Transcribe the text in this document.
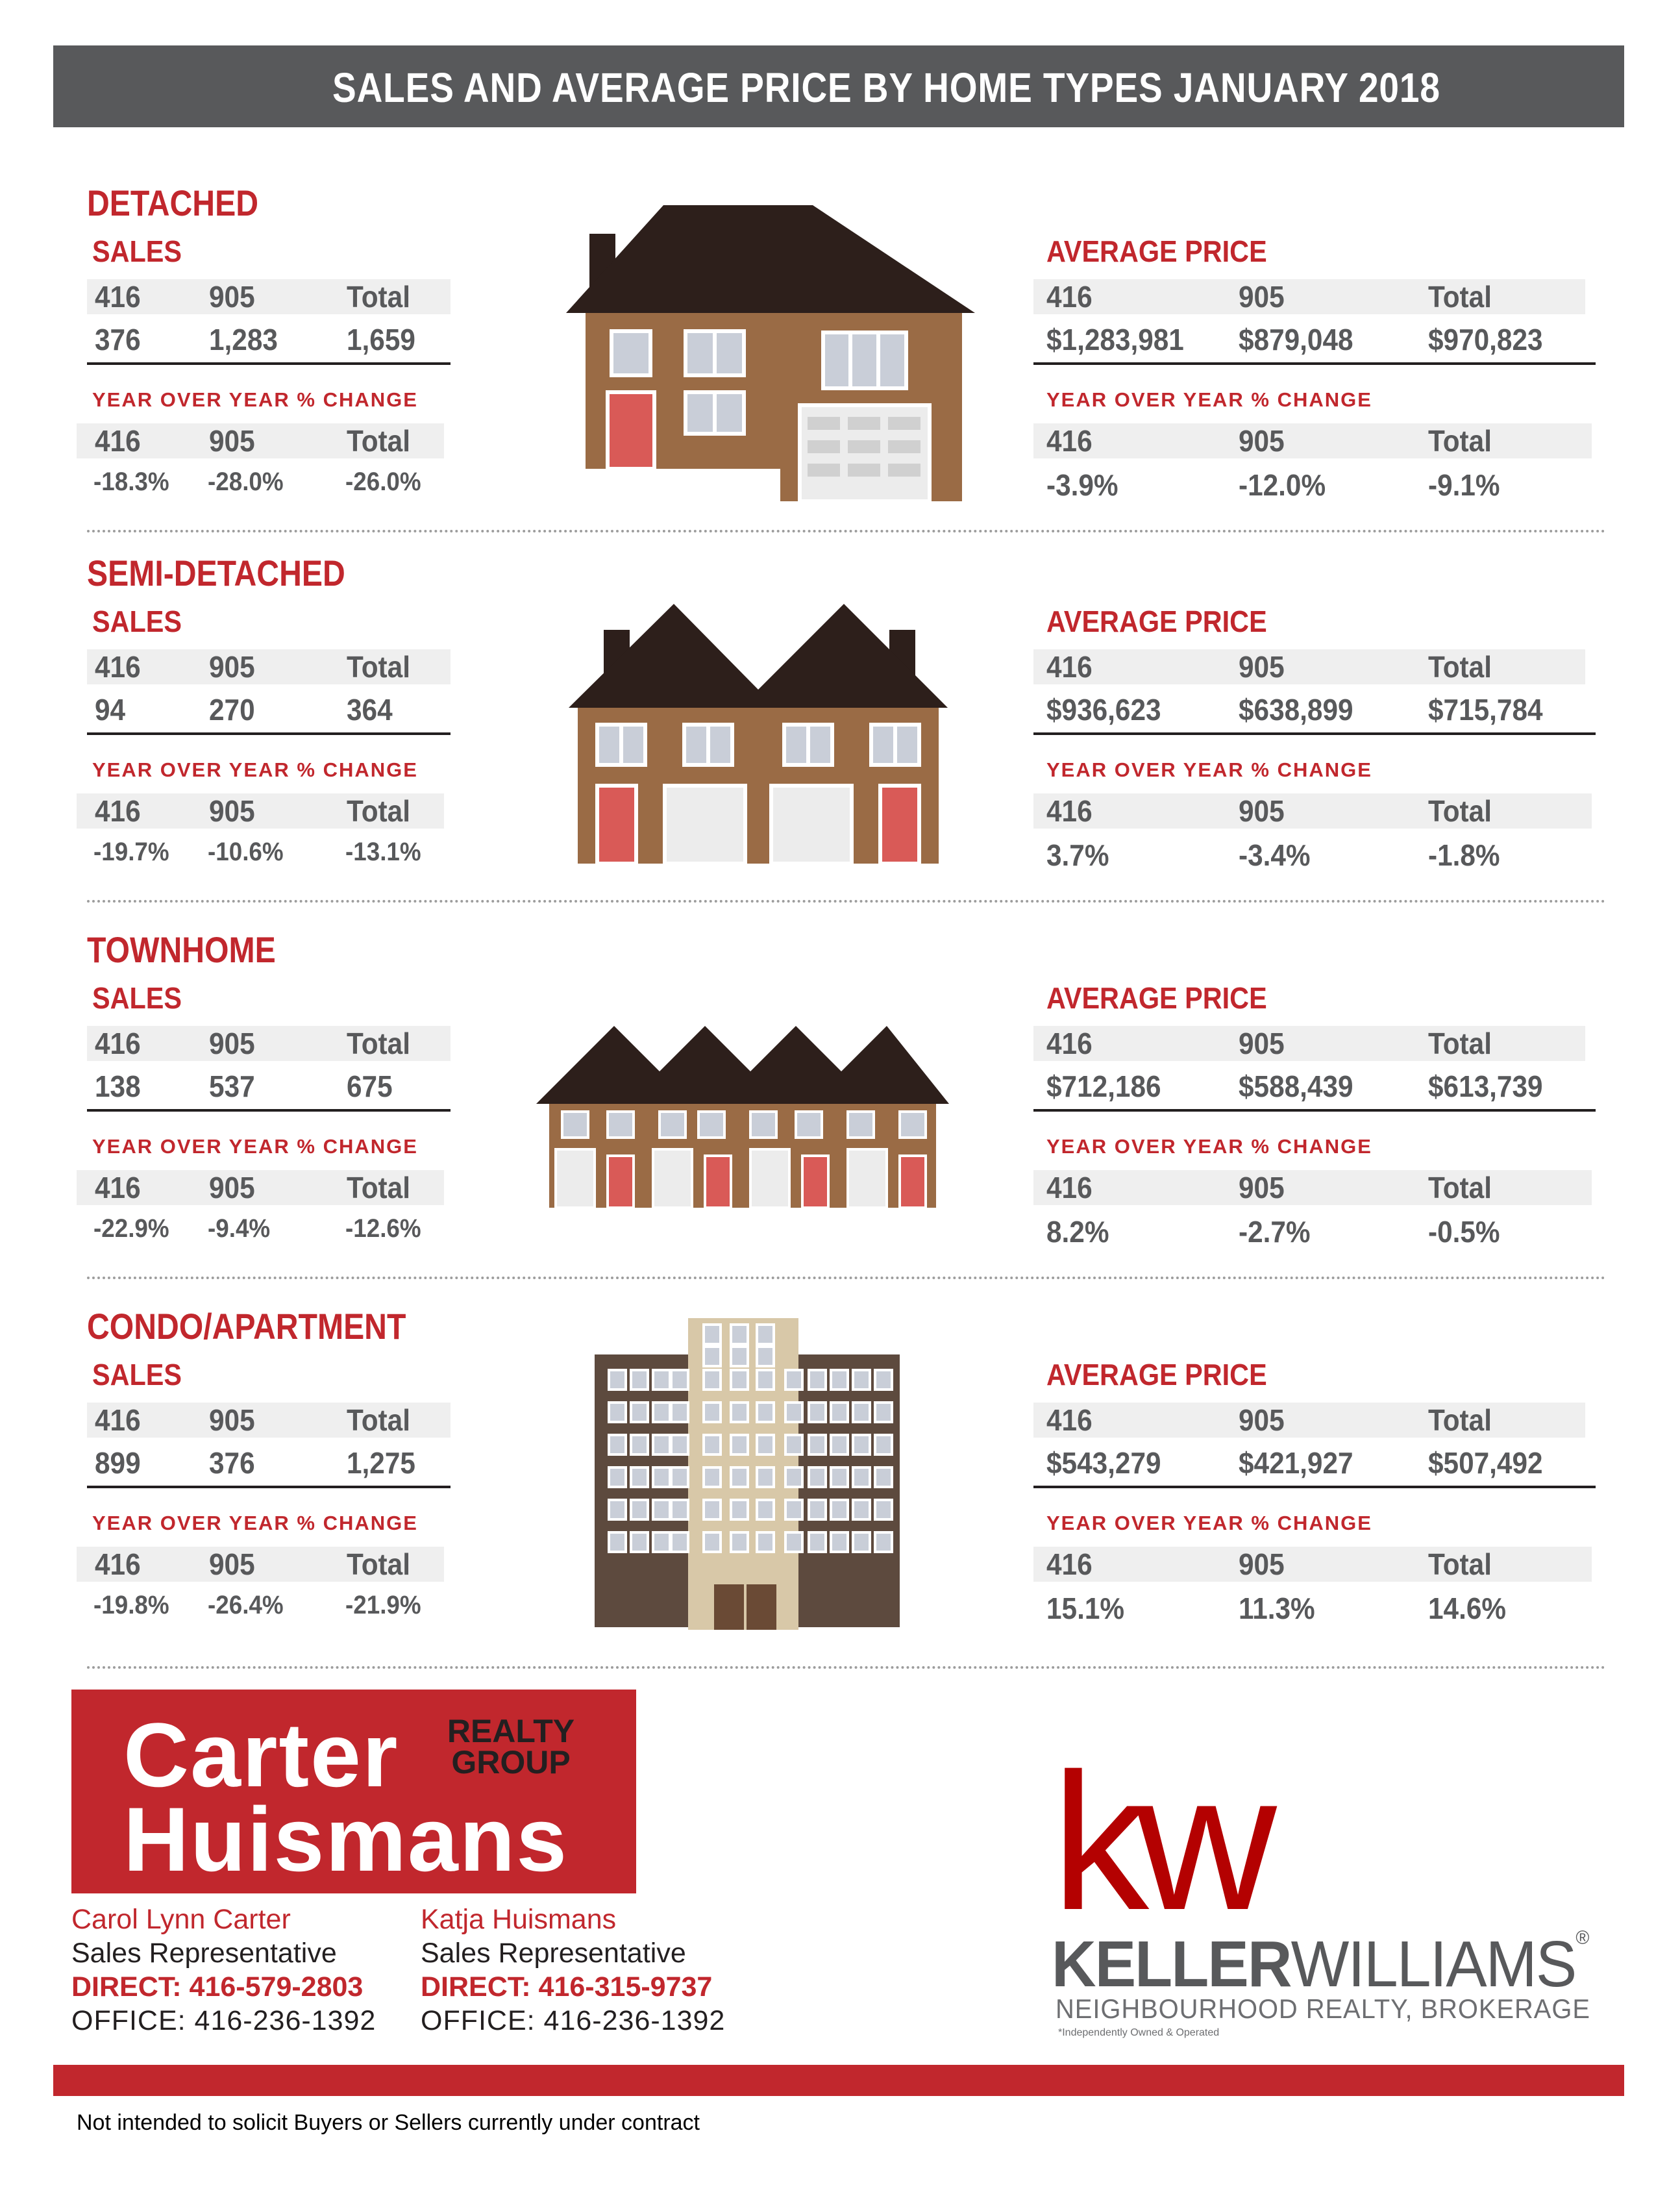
SALES AND AVERAGE PRICE BY HOME TYPES JANUARY 2018
DETACHED
SALES
416 905	Total
376 1,283 1,659
YEAR OVER YEAR % CHANGE
416 905	Total
-18.3% -28.0% -26.0%
AVERAGE PRICE
416	905	Total
$1,283,981 $879,048	$970,823
YEAR OVER YEAR % CHANGE
416	905	Total
-3.9%	-12.0%	-9.1%
SEMI-DETACHED
SALES
416 905	Total
94	270	364
YEAR OVER YEAR % CHANGE
416 905	Total
-19.7% -10.6% -13.1%
AVERAGE PRICE
416	905	Total
$936,623	$638,899	$715,784
YEAR OVER YEAR % CHANGE
416	905	Total
3.7%	-3.4%	-1.8%
TOWNHOME
SALES
416 905	Total
138 537	675
YEAR OVER YEAR % CHANGE
416 905	Total
-22.9% -9.4%	-12.6%
AVERAGE PRICE
416	905	Total
$712,186	$588,439	$613,739
YEAR OVER YEAR % CHANGE
416	905	Total
8.2%	-2.7%	-0.5%
CONDO/APARTMENT
SALES
416 905	Total
899 376	1,275
YEAR OVER YEAR % CHANGE
416 905	Total
-19.8% -26.4% -21.9%
AVERAGE PRICE
416	905	Total
$543,279	$421,927	$507,492
YEAR OVER YEAR % CHANGE
416	905	Total
15.1%	11.3%	14.6%
Carter	REALTY
GROUP
Huismans
Carol Lynn Carter
Sales Representative
DIRECT: 416-579-2803
OFFICE: 416-236-1392
Katja Huismans
Sales Representative
DIRECT: 416-315-9737
OFFICE: 416-236-1392
kw
KELLERWILLIAMS®
NEIGHBOURHOOD REALTY, BROKERAGE
*Independently Owned & Operated
Not intended to solicit Buyers or Sellers currently under contract
